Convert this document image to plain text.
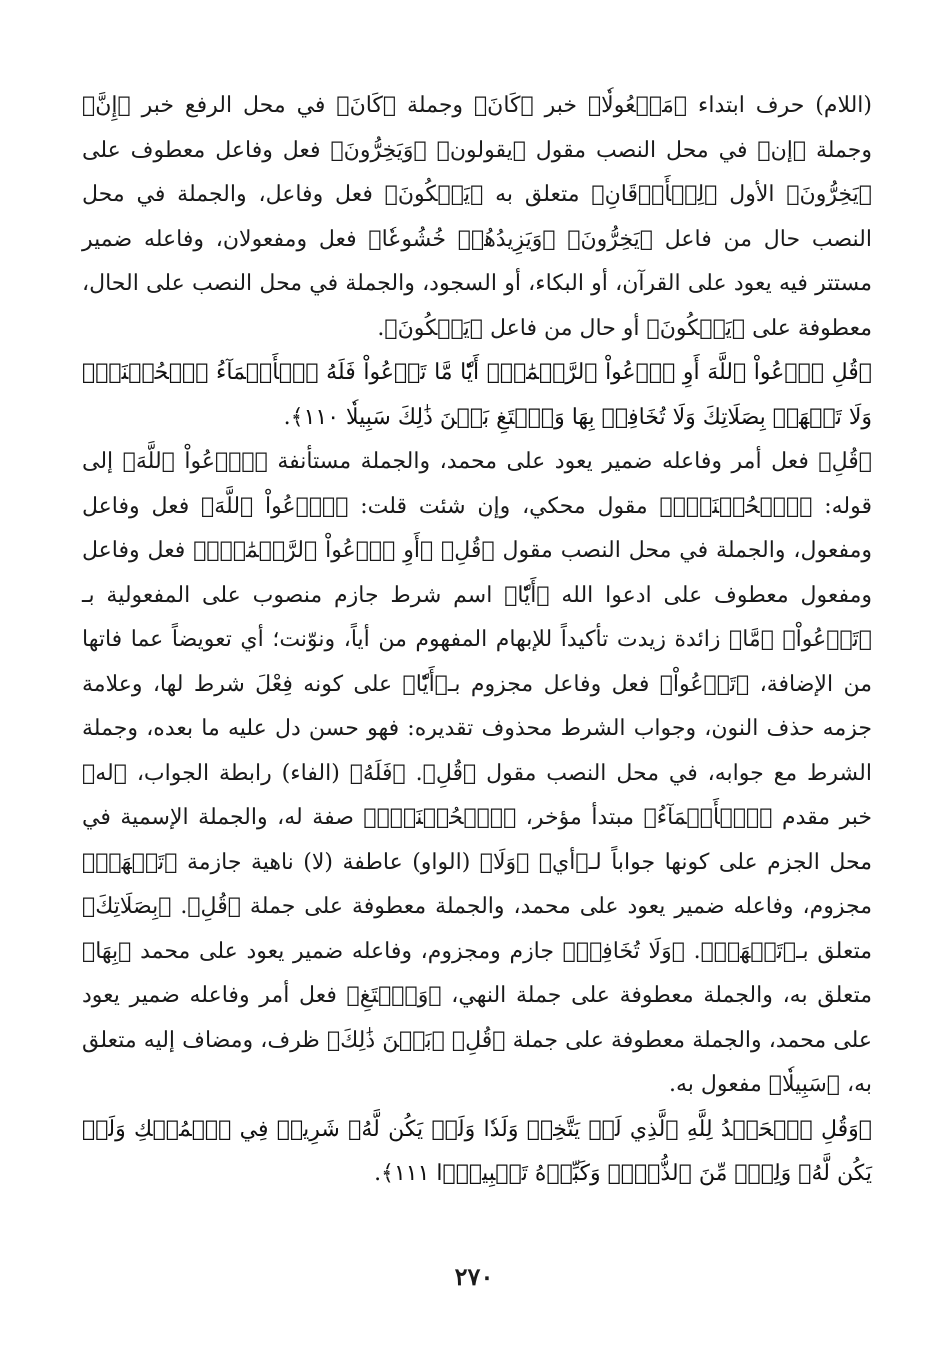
(اللام) حرف ابتداء ﴿مَفۡعُولٗا﴾ خبر ﴿كَانَ﴾ وجملة ﴿كَانَ﴾ في محل الرفع خبر ﴿إِنَّ﴾ وجملة ﴿إن﴾ في محل النصب مقول ﴿يقولون﴾ ﴿وَيَخِرُّونَ﴾ فعل وفاعل معطوف على ﴿يَخِرُّونَ﴾ الأول ﴿لِلۡأَذۡقَانِ﴾ متعلق به ﴿يَبۡكُونَ﴾ فعل وفاعل، والجملة في محل النصب حال من فاعل ﴿يَخِرُّونَ﴾ ﴿وَيَزِيدُهُمۡ خُشُوعٗا﴾ فعل ومفعولان، وفاعله ضمير مستتر فيه يعود على القرآن، أو البكاء، أو السجود، والجملة في محل النصب على الحال، معطوفة على ﴿يَبۡكُونَ﴾ أو حال من فاعل ﴿يَبۡكُونَ﴾.

﴿قُلِ ٱدۡعُواْ ٱللَّهَ أَوِ ٱدۡعُواْ ٱلرَّحۡمَٰنَۖ أَيّٗا مَّا تَدۡعُواْ فَلَهُ ٱلۡأَسۡمَآءُ ٱلۡحُسۡنَىٰۚ وَلَا تَجۡهَرۡ بِصَلَاتِكَ وَلَا تُخَافِتۡ بِهَا وَٱبۡتَغِ بَيۡنَ ذَٰلِكَ سَبِيلٗا ١١٠﴾.

﴿قُلِ﴾ فعل أمر وفاعله ضمير يعود على محمد، والجملة مستأنفة ﴿ٱدۡعُواْ ٱللَّهَ﴾ إلى قوله: ﴿ٱلۡحُسۡنَىٰۚ﴾ مقول محكي، وإن شئت قلت: ﴿ٱدۡعُواْ ٱللَّهَ﴾ فعل وفاعل ومفعول، والجملة في محل النصب مقول ﴿قُلِ﴾ ﴿أَوِ ٱدۡعُواْ ٱلرَّحۡمَٰنَۖ﴾ فعل وفاعل ومفعول معطوف على ادعوا الله ﴿أَيّٗا﴾ اسم شرط جازم منصوب على المفعولية بـ ﴿تَدۡعُواْ﴾ ﴿مَّا﴾ زائدة زيدت تأكيداً للإبهام المفهوم من أياً، ونوّنت؛ أي تعويضاً عما فاتها من الإضافة، ﴿تَدۡعُواْ﴾ فعل وفاعل مجزوم بـ﴿أَيّٗا﴾ على كونه فِعْلَ شرط لها، وعلامة جزمه حذف النون، وجواب الشرط محذوف تقديره: فهو حسن دل عليه ما بعده، وجملة الشرط مع جوابه، في محل النصب مقول ﴿قُلِ﴾. ﴿فَلَهُ﴾ (الفاء) رابطة الجواب، ﴿له﴾ خبر مقدم ﴿ٱلۡأَسۡمَآءُ﴾ مبتدأ مؤخر، ﴿ٱلۡحُسۡنَىٰۚ﴾ صفة له، والجملة الإسمية في محل الجزم على كونها جواباً لـ﴿أي﴾ ﴿وَلَا﴾ (الواو) عاطفة (لا) ناهية جازمة ﴿تَجۡهَرۡ﴾ مجزوم، وفاعله ضمير يعود على محمد، والجملة معطوفة على جملة ﴿قُلِ﴾. ﴿بِصَلَاتِكَ﴾ متعلق بـ﴿تَجۡهَرۡ﴾. ﴿وَلَا تُخَافِتۡ﴾ جازم ومجزوم، وفاعله ضمير يعود على محمد ﴿بِهَا﴾ متعلق به، والجملة معطوفة على جملة النهي، ﴿وَٱبۡتَغِ﴾ فعل أمر وفاعله ضمير يعود على محمد، والجملة معطوفة على جملة ﴿قُلِ﴾ ﴿بَيۡنَ ذَٰلِكَ﴾ ظرف، ومضاف إليه متعلق به، ﴿سَبِيلٗا﴾ مفعول به.

﴿وَقُلِ ٱلۡحَمۡدُ لِلَّهِ ٱلَّذِي لَمۡ يَتَّخِذۡ وَلَدٗا وَلَمۡ يَكُن لَّهُۥ شَرِيكٞ فِي ٱلۡمُلۡكِ وَلَمۡ يَكُن لَّهُۥ وَلِيّٞ مِّنَ ٱلذُّلِّۖ وَكَبِّرۡهُ تَكۡبِيرَۢا ١١١﴾.

٢٧٠
